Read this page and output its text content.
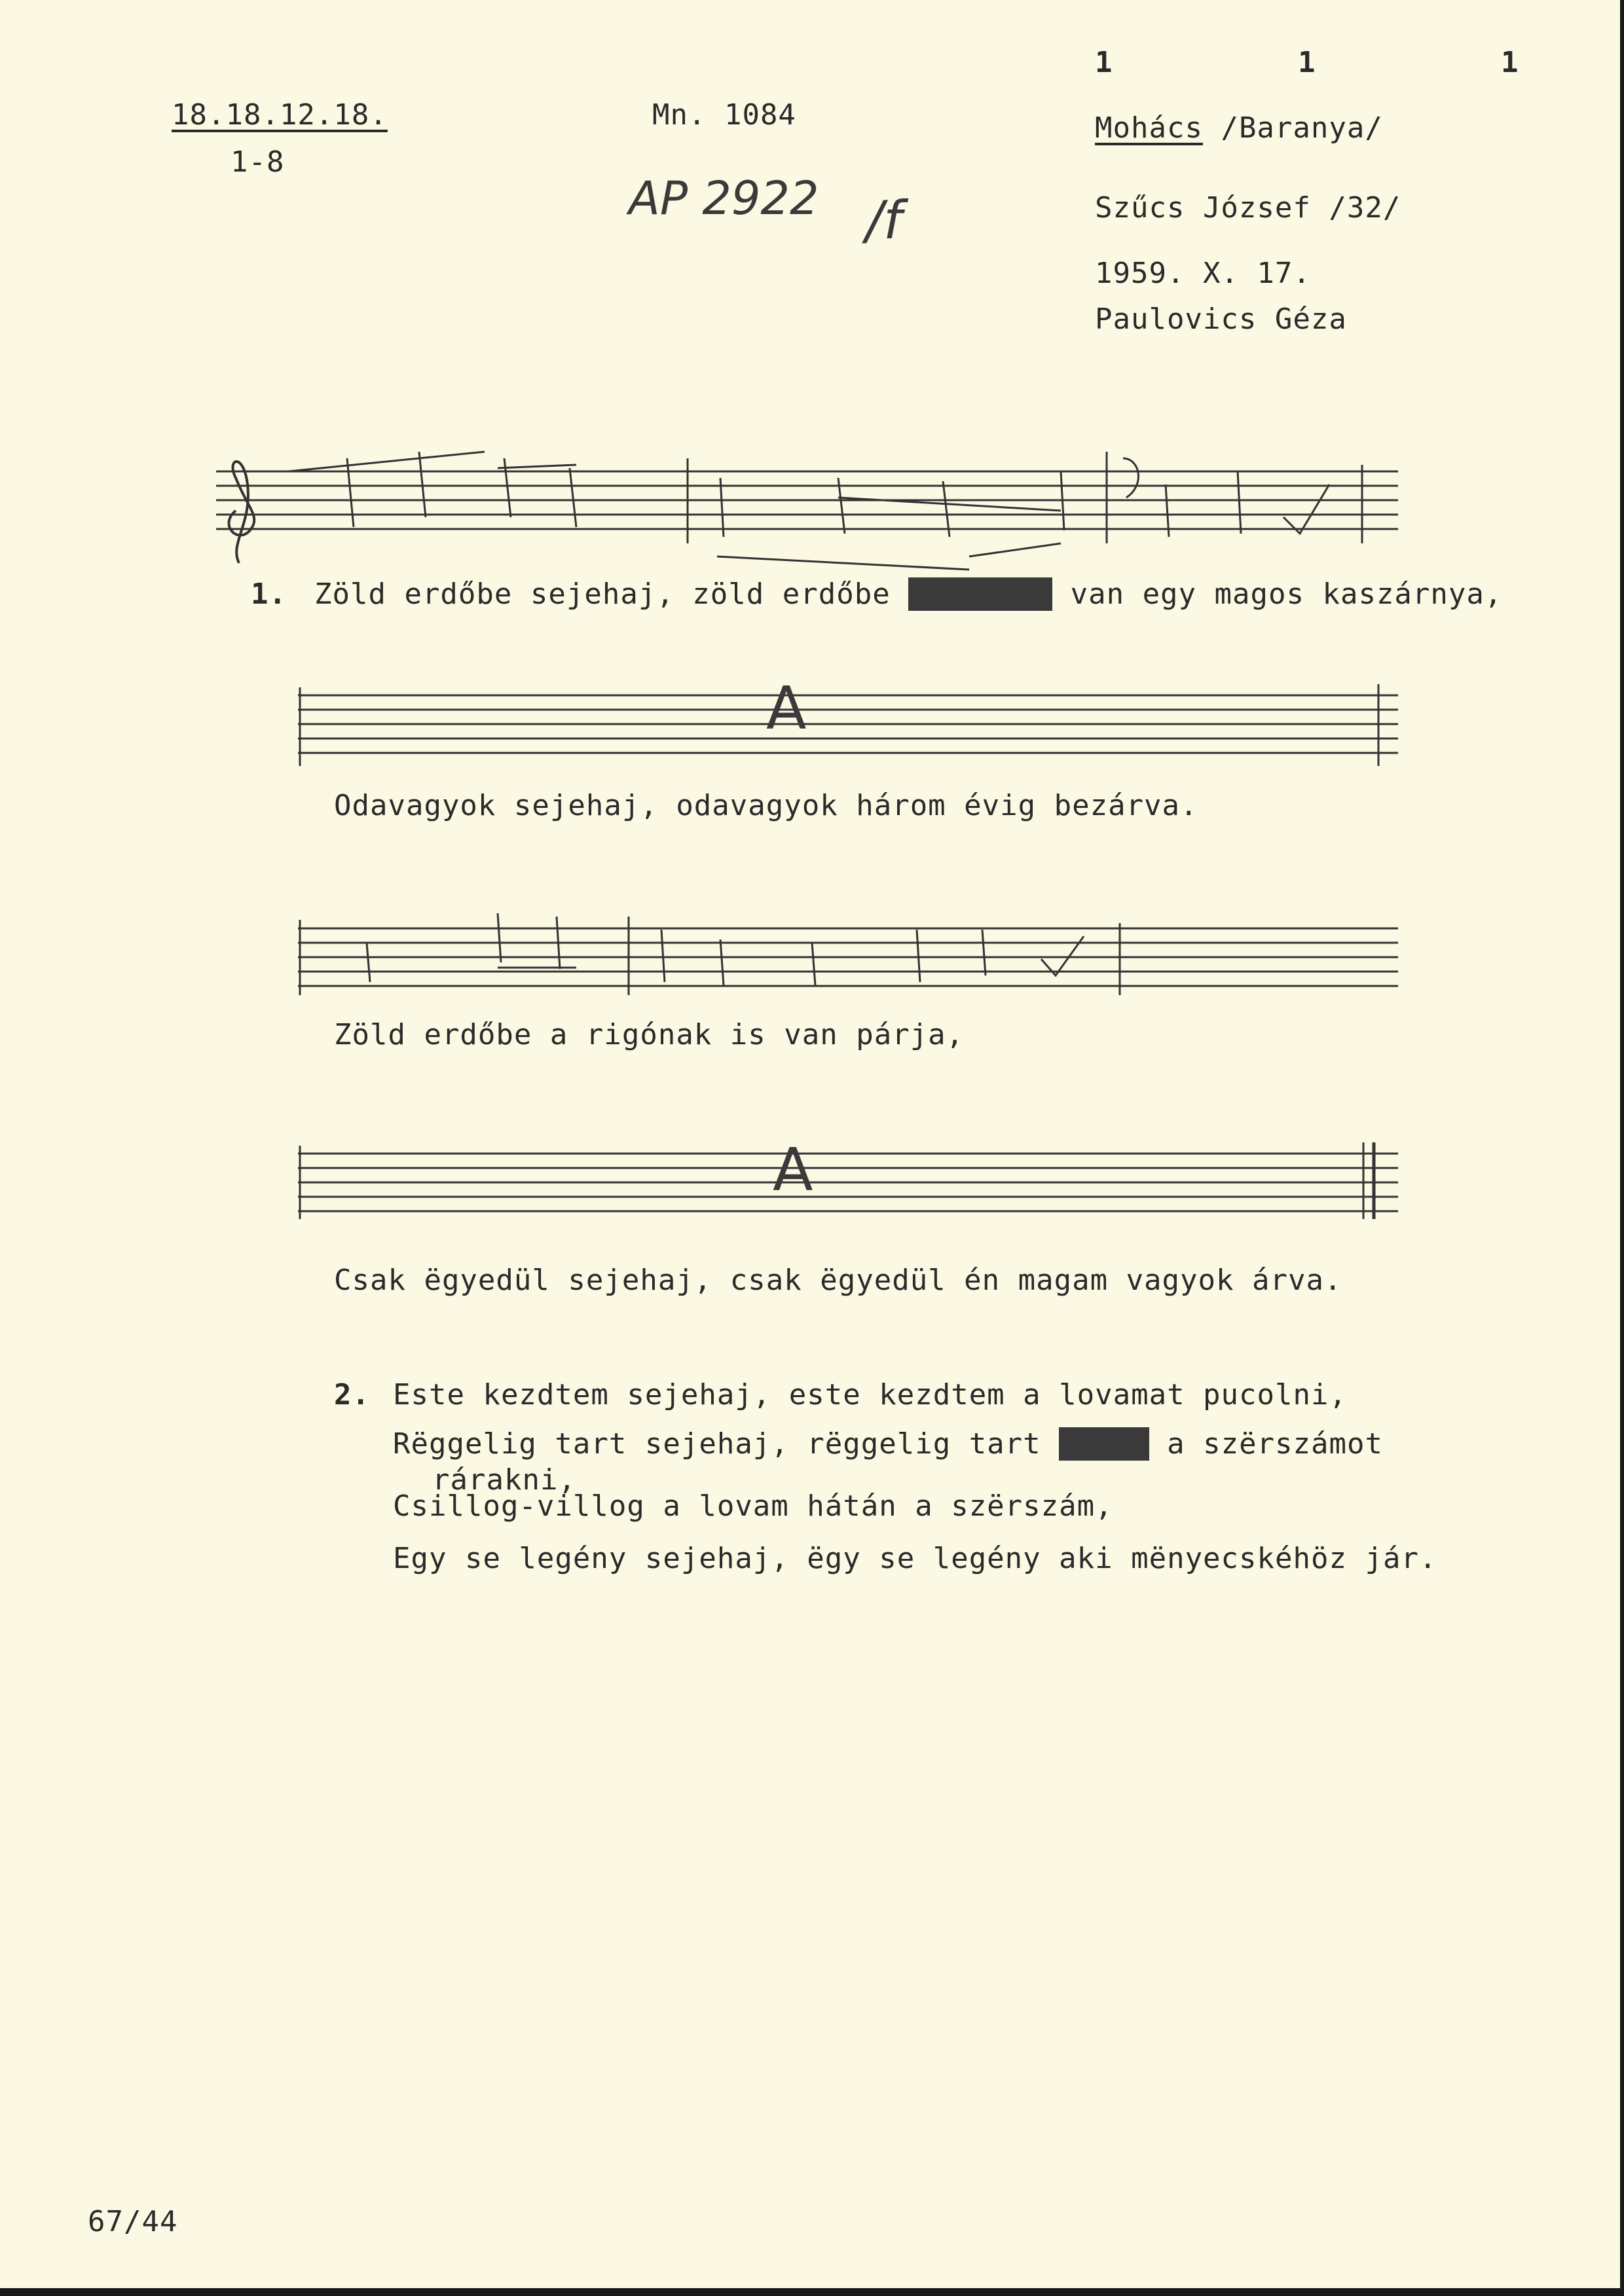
18.18.12.18.
1-8
Mn. 1084
AP 2922 /f
1	1	1
Mohács /Baranya/
Szűcs József /32/
1959. X. 17.
Paulovics Géza
A
A
1. Zöld erdőbe sejehaj, zöld erdőbe xxxjxxxx van egy magos kaszárnya,
Odavagyok sejehaj, odavagyok három évig bezárva.
Zöld erdőbe a rigónak is van párja,
Csak ëgyedül sejehaj, csak ëgyedül én magam vagyok árva.
2. Este kezdtem sejehaj, este kezdtem a lovamat pucolni,
Rëggelig tart sejehaj, rëggelig tart xxjxx a szërszámot
rárakni,
Csillog-villog a lovam hátán a szërszám,
Egy se legény sejehaj, ëgy se legény aki mënyecskéhöz jár.
67/44
